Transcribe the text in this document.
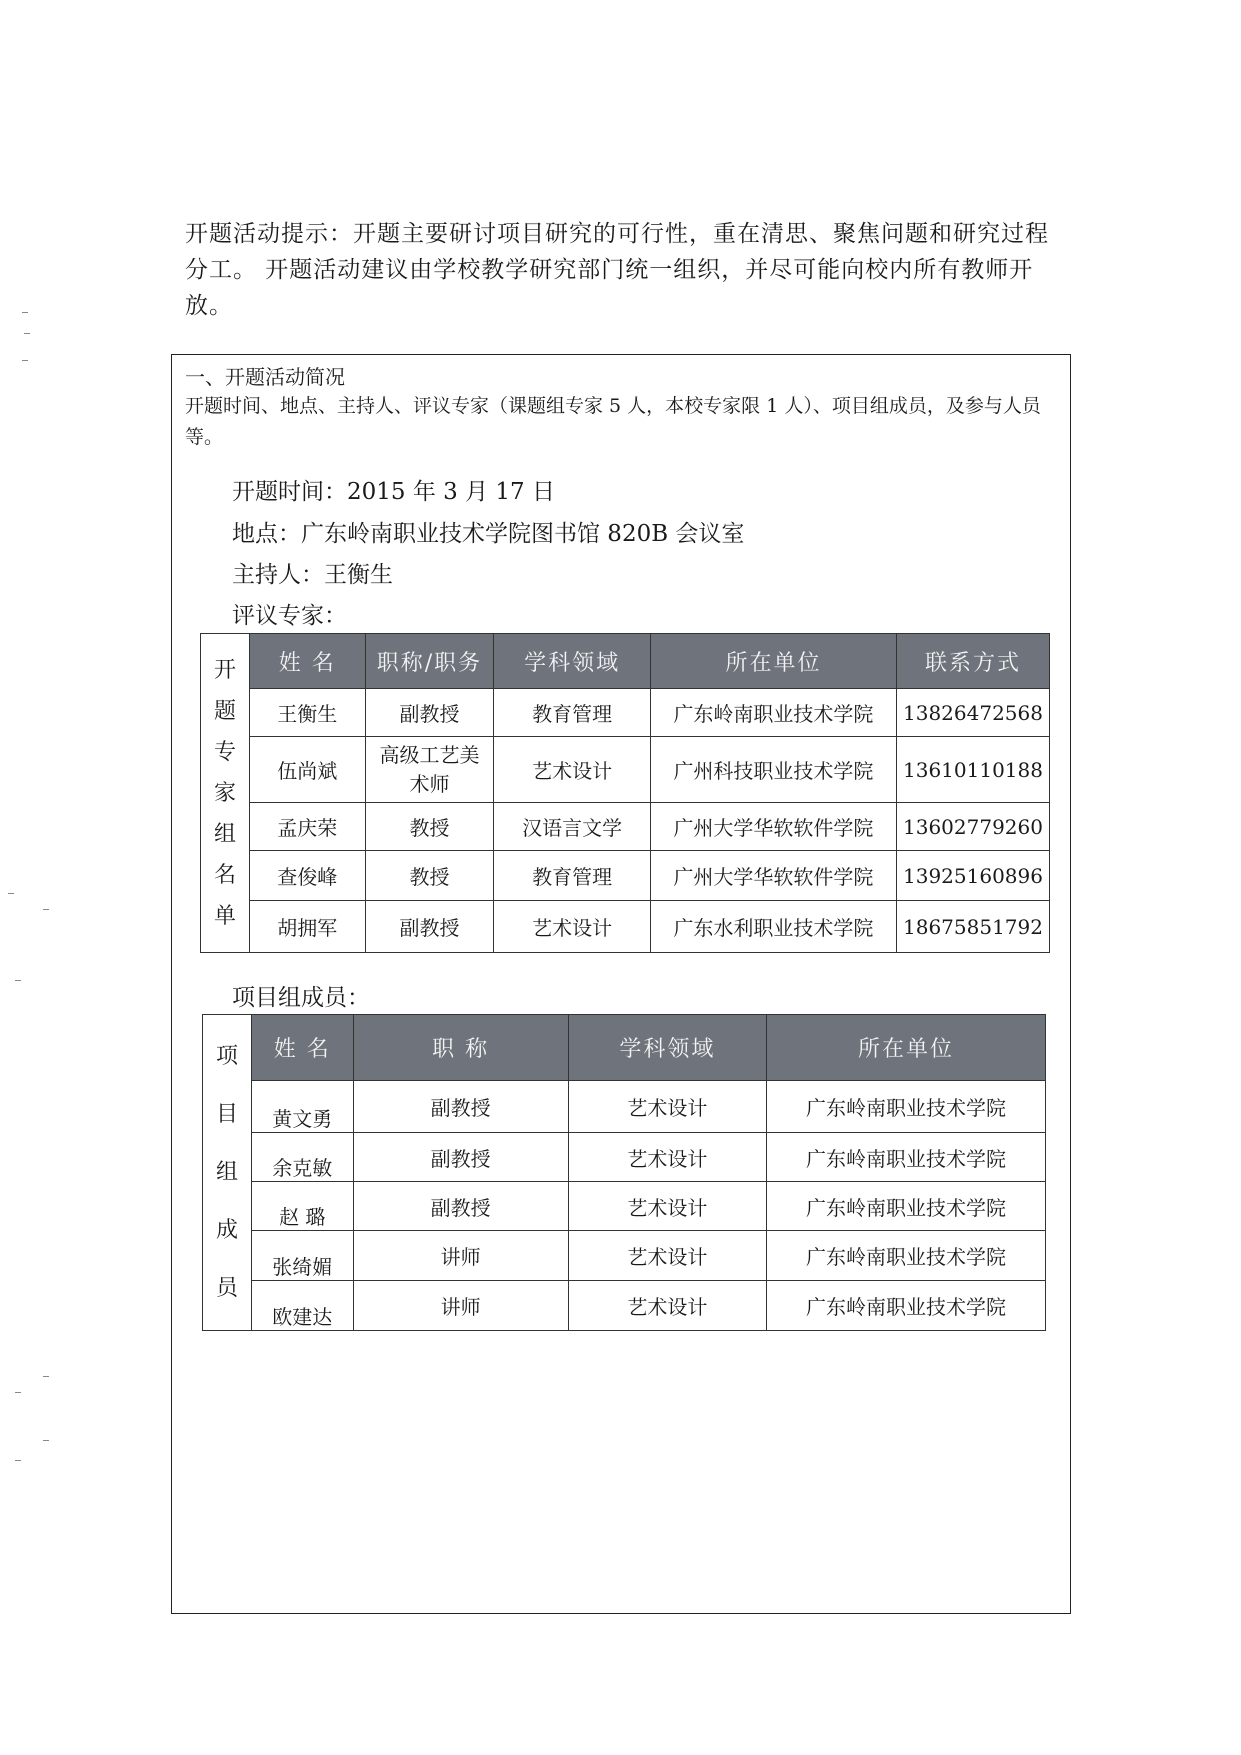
开题活动提示：开题主要研讨项目研究的可行性，重在清思、聚焦问题和研究过程分工。 开题活动建议由学校教学研究部门统一组织，并尽可能向校内所有教师开放。
一、开题活动简况
开题时间、地点、主持人、评议专家（课题组专家 5 人，本校专家限 1 人）、项目组成员，及参与人员等。
开题时间：2015 年 3 月 17 日
地点：广东岭南职业技术学院图书馆 820B 会议室
主持人：王衡生
评议专家：
开题专家组名单	姓 名	职称/职务	学科领域	所在单位	联系方式
	王衡生	副教授	教育管理	广东岭南职业技术学院	13826472568
	伍尚斌	高级工艺美术师	艺术设计	广州科技职业技术学院	13610110188
	孟庆荣	教授	汉语言文学	广州大学华软软件学院	13602779260
	查俊峰	教授	教育管理	广州大学华软软件学院	13925160896
	胡拥军	副教授	艺术设计	广东水利职业技术学院	18675851792
项目组成员：
项目组成员	姓 名	职 称	学科领域	所在单位
	黄文勇	副教授	艺术设计	广东岭南职业技术学院
	余克敏	副教授	艺术设计	广东岭南职业技术学院
	赵 璐	副教授	艺术设计	广东岭南职业技术学院
	张绮媚	讲师	艺术设计	广东岭南职业技术学院
	欧建达	讲师	艺术设计	广东岭南职业技术学院
